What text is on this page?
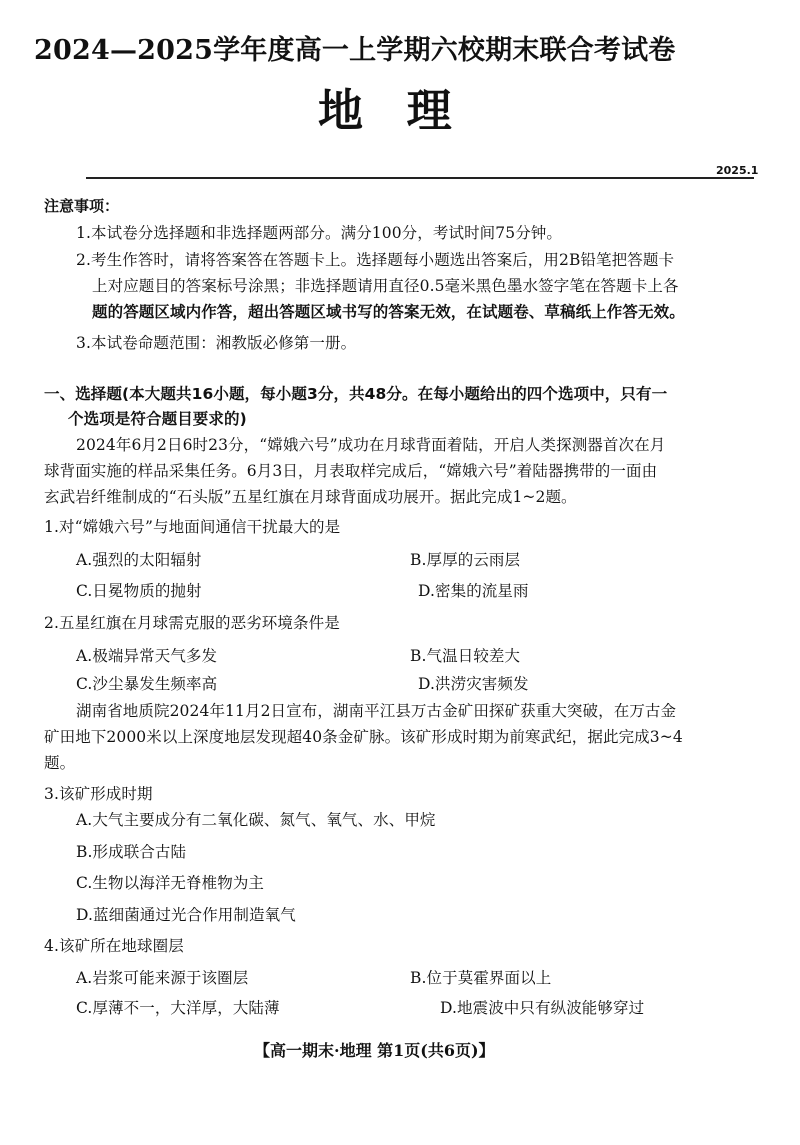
2024—2025学年度高一上学期六校期末联合考试卷
地 理
2025.1
注意事项：
1.本试卷分选择题和非选择题两部分。满分100分，考试时间75分钟。
2.考生作答时，请将答案答在答题卡上。选择题每小题选出答案后，用2B铅笔把答题卡
上对应题目的答案标号涂黑；非选择题请用直径0.5毫米黑色墨水签字笔在答题卡上各
题的答题区域内作答，超出答题区域书写的答案无效，在试题卷、草稿纸上作答无效。
3.本试卷命题范围：湘教版必修第一册。
一、选择题(本大题共16小题，每小题3分，共48分。在每小题给出的四个选项中，只有一
个选项是符合题目要求的)
2024年6月2日6时23分，“嫦娥六号”成功在月球背面着陆，开启人类探测器首次在月
球背面实施的样品采集任务。6月3日，月表取样完成后，“嫦娥六号”着陆器携带的一面由
玄武岩纤维制成的“石头版”五星红旗在月球背面成功展开。据此完成1~2题。
1.对“嫦娥六号”与地面间通信干扰最大的是
A.强烈的太阳辐射	B.厚厚的云雨层
C.日冕物质的抛射	D.密集的流星雨
2.五星红旗在月球需克服的恶劣环境条件是
A.极端异常天气多发	B.气温日较差大
C.沙尘暴发生频率高	D.洪涝灾害频发
湖南省地质院2024年11月2日宣布，湖南平江县万古金矿田探矿获重大突破，在万古金
矿田地下2000米以上深度地层发现超40条金矿脉。该矿形成时期为前寒武纪，据此完成3~4
题。
3.该矿形成时期
A.大气主要成分有二氧化碳、氮气、氧气、水、甲烷
B.形成联合古陆
C.生物以海洋无脊椎物为主
D.蓝细菌通过光合作用制造氧气
4.该矿所在地球圈层
A.岩浆可能来源于该圈层	B.位于莫霍界面以上
C.厚薄不一，大洋厚，大陆薄	D.地震波中只有纵波能够穿过
【高一期末·地理 第1页(共6页)】
